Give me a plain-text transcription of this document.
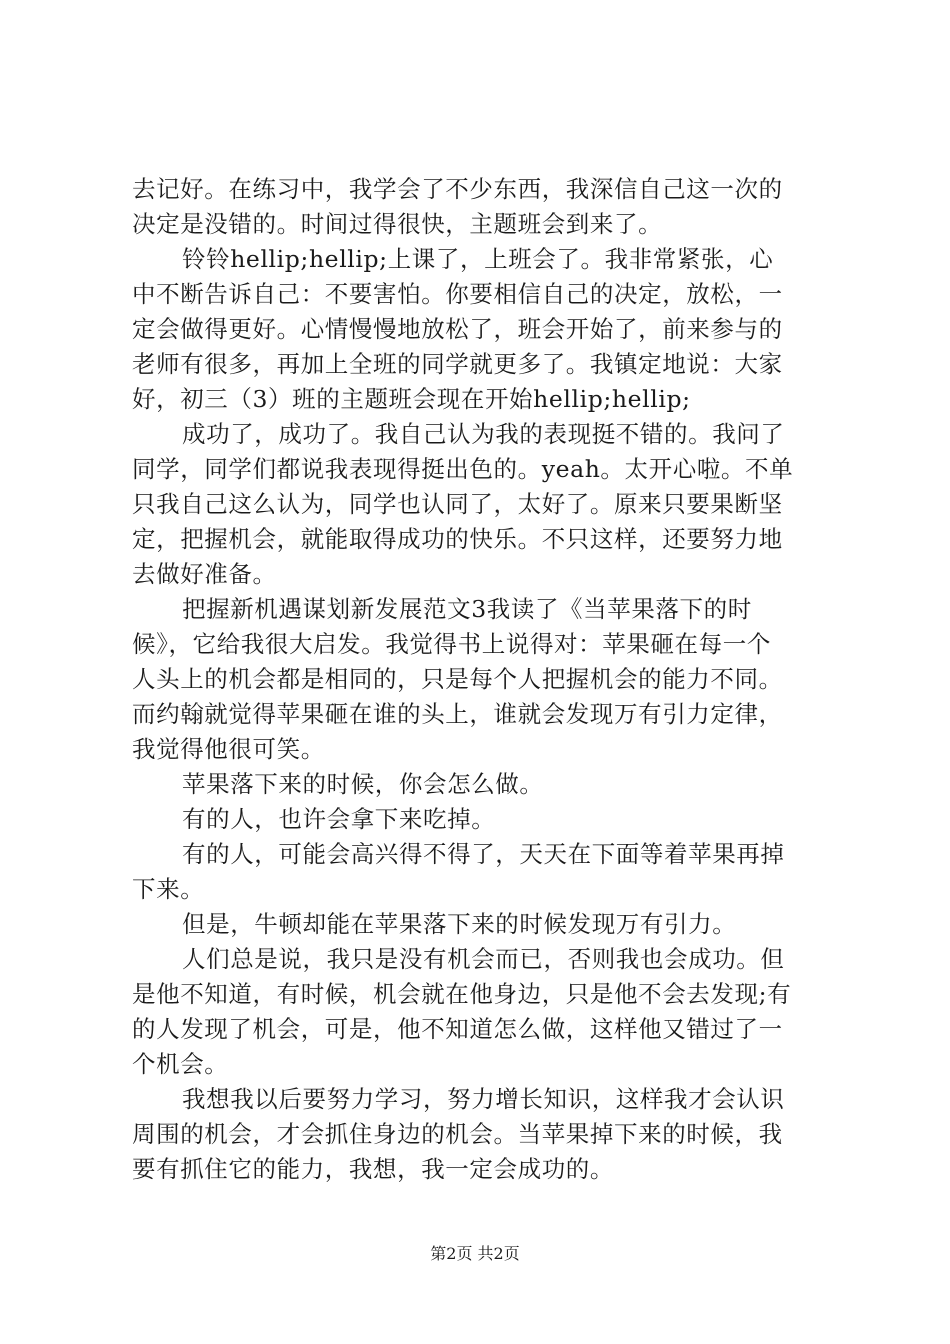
去记好。在练习中，我学会了不少东西，我深信自己这一次的
决定是没错的。时间过得很快，主题班会到来了。
铃铃hellip;hellip;上课了，上班会了。我非常紧张，心
中不断告诉自己：不要害怕。你要相信自己的决定，放松，一
定会做得更好。心情慢慢地放松了，班会开始了，前来参与的
老师有很多，再加上全班的同学就更多了。我镇定地说：大家
好，初三（3）班的主题班会现在开始hellip;hellip;
成功了，成功了。我自己认为我的表现挺不错的。我问了
同学，同学们都说我表现得挺出色的。yeah。太开心啦。不单
只我自己这么认为，同学也认同了，太好了。原来只要果断坚
定，把握机会，就能取得成功的快乐。不只这样，还要努力地
去做好准备。
把握新机遇谋划新发展范文3我读了《当苹果落下的时
候》，它给我很大启发。我觉得书上说得对：苹果砸在每一个
人头上的机会都是相同的，只是每个人把握机会的能力不同。
而约翰就觉得苹果砸在谁的头上，谁就会发现万有引力定律，
我觉得他很可笑。
苹果落下来的时候，你会怎么做。
有的人，也许会拿下来吃掉。
有的人，可能会高兴得不得了，天天在下面等着苹果再掉
下来。
但是，牛顿却能在苹果落下来的时候发现万有引力。
人们总是说，我只是没有机会而已，否则我也会成功。但
是他不知道，有时候，机会就在他身边，只是他不会去发现;有
的人发现了机会，可是，他不知道怎么做，这样他又错过了一
个机会。
我想我以后要努力学习，努力增长知识，这样我才会认识
周围的机会，才会抓住身边的机会。当苹果掉下来的时候，我
要有抓住它的能力，我想，我一定会成功的。
第2页 共2页
